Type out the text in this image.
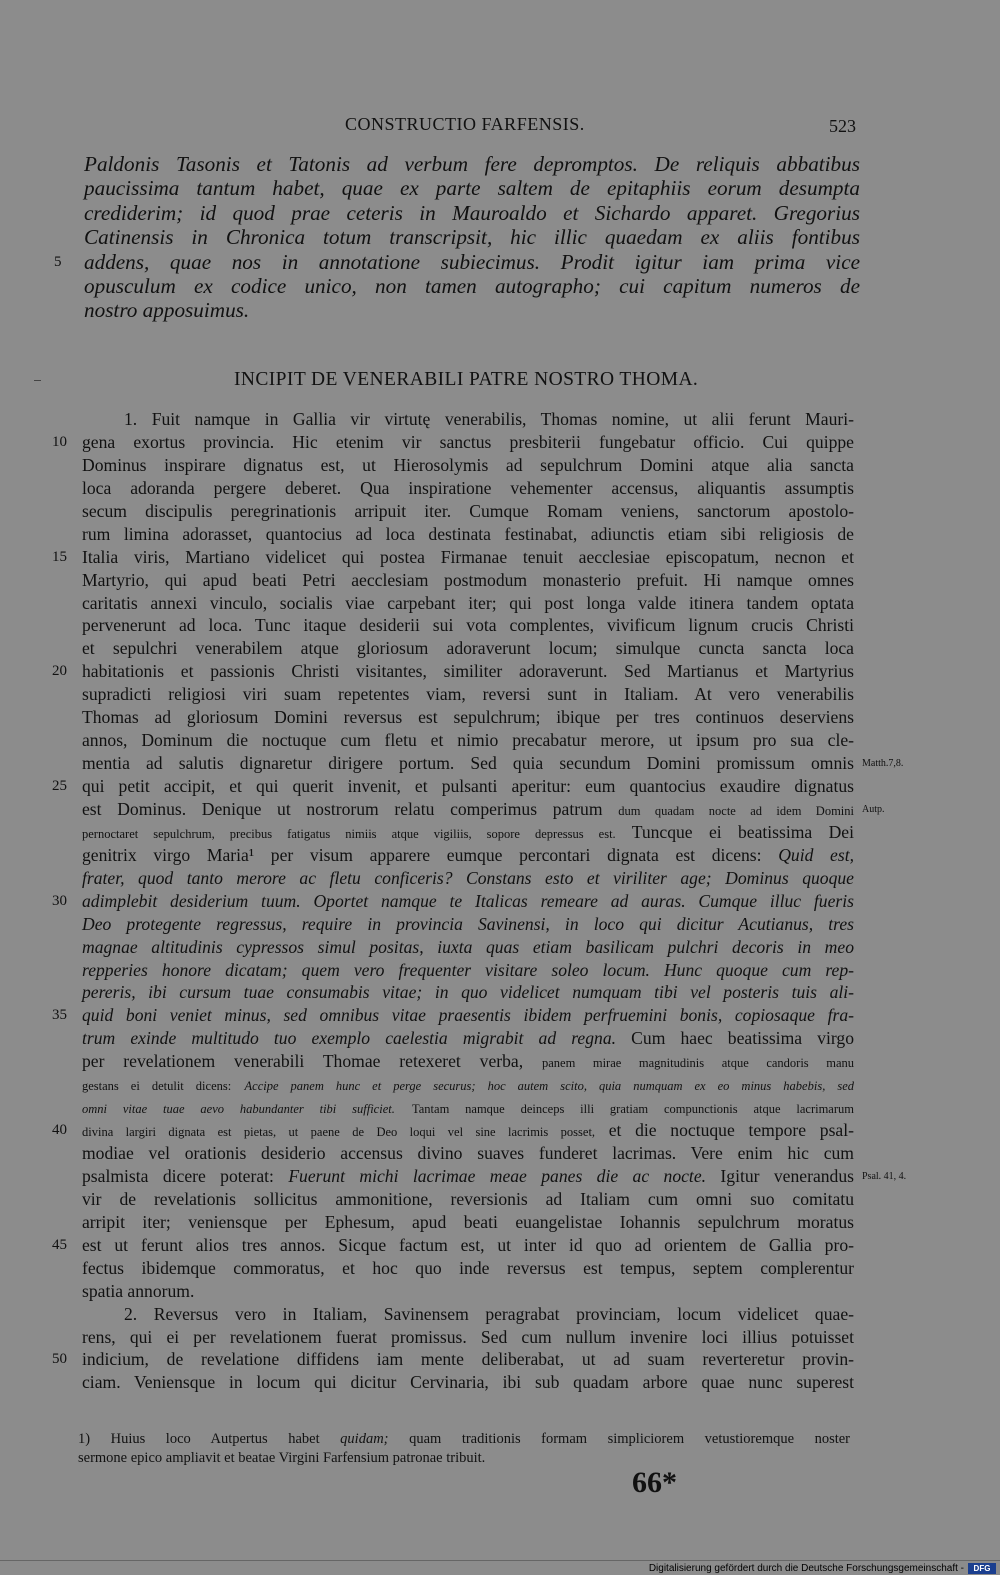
CONSTRUCTIO FARFENSIS.	523
Paldonis Tasonis et Tatonis ad verbum fere depromptos. De reliquis abbatibus
paucissima tantum habet, quae ex parte saltem de epitaphiis eorum desumpta
crediderim; id quod prae ceteris in Mauroaldo et Sichardo apparet. Gregorius
Catinensis in Chronica totum transcripsit, hic illic quaedam ex aliis fontibus
5	addens, quae nos in annotatione subiecimus. Prodit igitur iam prima vice
opusculum ex codice unico, non tamen autographo; cui capitum numeros de
nostro apposuimus.
INCIPIT DE VENERABILI PATRE NOSTRO THOMA.
1. Fuit namque in Gallia vir virtutę venerabilis, Thomas nomine, ut alii ferunt Mauri-
10 gena exortus provincia. Hic etenim vir sanctus presbiterii fungebatur officio. Cui quippe
Dominus inspirare dignatus est, ut Hierosolymis ad sepulchrum Domini atque alia sancta
loca adoranda pergere deberet. Qua inspiratione vehementer accensus, aliquantis assumptis
secum discipulis peregrinationis arripuit iter. Cumque Romam veniens, sanctorum apostolo-
rum limina adorasset, quantocius ad loca destinata festinabat, adiunctis etiam sibi religiosis de
15 Italia viris, Martiano videlicet qui postea Firmanae tenuit aecclesiae episcopatum, necnon et
Martyrio, qui apud beati Petri aecclesiam postmodum monasterio prefuit. Hi namque omnes
caritatis annexi vinculo, socialis viae carpebant iter; qui post longa valde itinera tandem optata
pervenerunt ad loca. Tunc itaque desiderii sui vota complentes, vivificum lignum crucis Christi
et sepulchri venerabilem atque gloriosum adoraverunt locum; simulque cuncta sancta loca
20 habitationis et passionis Christi visitantes, similiter adoraverunt. Sed Martianus et Martyrius
supradicti religiosi viri suam repetentes viam, reversi sunt in Italiam. At vero venerabilis
Thomas ad gloriosum Domini reversus est sepulchrum; ibique per tres continuos deserviens
annos, Dominum die noctuque cum fletu et nimio precabatur merore, ut ipsum pro sua cle-
mentia ad salutis dignaretur dirigere portum. Sed quia secundum Domini promissum omnis
25 qui petit accipit, et qui querit invenit, et pulsanti aperitur: eum quantocius exaudire dignatus
est Dominus. Denique ut nostrorum relatu comperimus patrum dum quadam nocte ad idem Domini
pernoctaret sepulchrum, precibus fatigatus nimiis atque vigiliis, sopore depressus est. Tuncque ei beatissima Dei
genitrix virgo Maria¹ per visum apparere eumque percontari dignata est dicens: Quid est,
frater, quod tanto merore ac fletu conficeris? Constans esto et viriliter age; Dominus quoque
30 adimplebit desiderium tuum. Oportet namque te Italicas remeare ad auras. Cumque illuc fueris
Deo protegente regressus, require in provincia Savinensi, in loco qui dicitur Acutianus, tres
magnae altitudinis cypressos simul positas, iuxta quas etiam basilicam pulchri decoris in meo
repperies honore dicatam; quem vero frequenter visitare soleo locum. Hunc quoque cum rep-
pereris, ibi cursum tuae consumabis vitae; in quo videlicet numquam tibi vel posteris tuis ali-
35 quid boni veniet minus, sed omnibus vitae praesentis ibidem perfruemini bonis, copiosaque fra-
trum exinde multitudo tuo exemplo caelestia migrabit ad regna. Cum haec beatissima virgo
per revelationem venerabili Thomae retexeret verba, panem mirae magnitudinis atque candoris manu
gestans ei detulit dicens: Accipe panem hunc et perge securus; hoc autem scito, quia numquam ex eo minus habebis, sed
omni vitae tuae aevo habundanter tibi sufficiet. Tantam namque deinceps illi gratiam compunctionis atque lacrimarum
40	divina largiri dignata est pietas, ut paene de Deo loqui vel sine lacrimis posset, et die noctuque tempore psal-
modiae vel orationis desiderio accensus divino suaves funderet lacrimas. Vere enim hic cum
psalmista dicere poterat: Fuerunt michi lacrimae meae panes die ac nocte. Igitur venerandus
vir de revelationis sollicitus ammonitione, reversionis ad Italiam cum omni suo comitatu
arripit iter; veniensque per Ephesum, apud beati euangelistae Iohannis sepulchrum moratus
45 est ut ferunt alios tres annos. Sicque factum est, ut inter id quo ad orientem de Gallia pro-
fectus ibidemque commoratus, et hoc quo inde reversus est tempus, septem complerentur
spatia annorum.
2. Reversus vero in Italiam, Savinensem peragrabat provinciam, locum videlicet quae-
rens, qui ei per revelationem fuerat promissus. Sed cum nullum invenire loci illius potuisset
50 indicium, de revelatione diffidens iam mente deliberabat, ut ad suam reverteretur provin-
ciam. Veniensque in locum qui dicitur Cervinaria, ibi sub quadam arbore quae nunc superest
Matth.7,8.
Autp.
Psal. 41, 4.
1) Huius loco Autpertus habet quidam; quam traditionis formam simpliciorem vetustioremque noster
sermone epico ampliavit et beatae Virgini Farfensium patronae tribuit.
66*
Digitalisierung gefördert durch die Deutsche Forschungsgemeinschaft -	DFG
